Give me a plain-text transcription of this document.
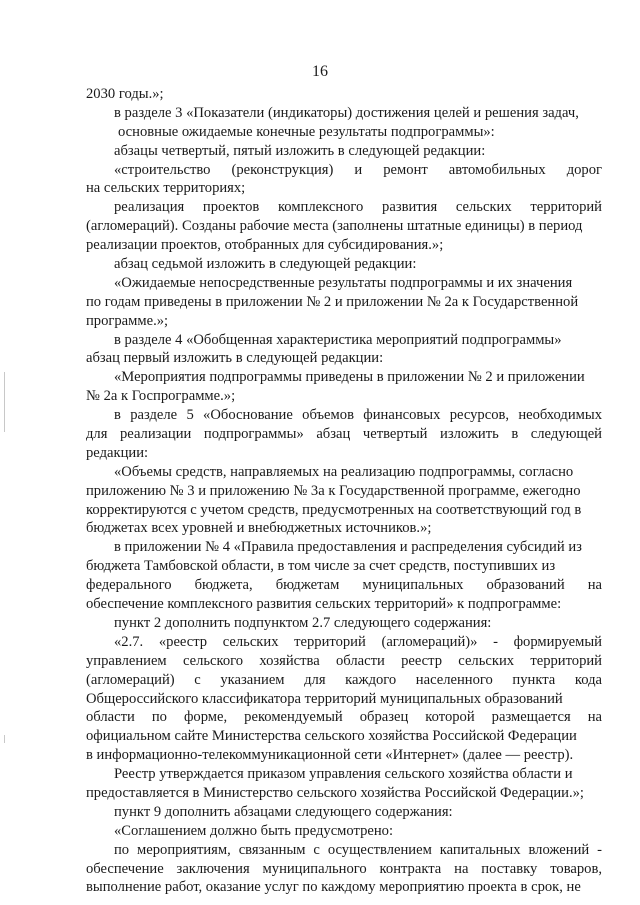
16
2030 годы.»;
в разделе 3 «Показатели (индикаторы) достижения целей и решения задач,
основные ожидаемые конечные результаты подпрограммы»:
абзацы четвертый, пятый изложить в следующей редакции:
«строительство (реконструкция) и ремонт автомобильных дорог
на сельских территориях;
реализация проектов комплексного развития сельских территорий
(агломераций). Созданы рабочие места (заполнены штатные единицы) в период
реализации проектов, отобранных для субсидирования.»;
абзац седьмой изложить в следующей редакции:
«Ожидаемые непосредственные результаты подпрограммы и их значения
по годам приведены в приложении № 2 и приложении № 2а к Государственной
программе.»;
в разделе 4 «Обобщенная характеристика мероприятий подпрограммы»
абзац первый изложить в следующей редакции:
«Мероприятия подпрограммы приведены в приложении № 2 и приложении
№ 2а к Госпрограмме.»;
в разделе 5 «Обоснование объемов финансовых ресурсов, необходимых
для реализации подпрограммы» абзац четвертый изложить в следующей
редакции:
«Объемы средств, направляемых на реализацию подпрограммы, согласно
приложению № 3 и приложению № 3а к Государственной программе, ежегодно
корректируются с учетом средств, предусмотренных на соответствующий год в
бюджетах всех уровней и внебюджетных источников.»;
в приложении № 4 «Правила предоставления и распределения субсидий из
бюджета Тамбовской области, в том числе за счет средств, поступивших из
федерального бюджета, бюджетам муниципальных образований на
обеспечение комплексного развития сельских территорий» к подпрограмме:
пункт 2 дополнить подпунктом 2.7 следующего содержания:
«2.7. «реестр сельских территорий (агломераций)» - формируемый
управлением сельского хозяйства области реестр сельских территорий
(агломераций) с указанием для каждого населенного пункта кода
Общероссийского классификатора территорий муниципальных образований
области по форме, рекомендуемый образец которой размещается на
официальном сайте Министерства сельского хозяйства Российской Федерации
в информационно-телекоммуникационной сети «Интернет» (далее — реестр).
Реестр утверждается приказом управления сельского хозяйства области и
предоставляется в Министерство сельского хозяйства Российской Федерации.»;
пункт 9 дополнить абзацами следующего содержания:
«Соглашением должно быть предусмотрено:
по мероприятиям, связанным с осуществлением капитальных вложений -
обеспечение заключения муниципального контракта на поставку товаров,
выполнение работ, оказание услуг по каждому мероприятию проекта в срок, не
